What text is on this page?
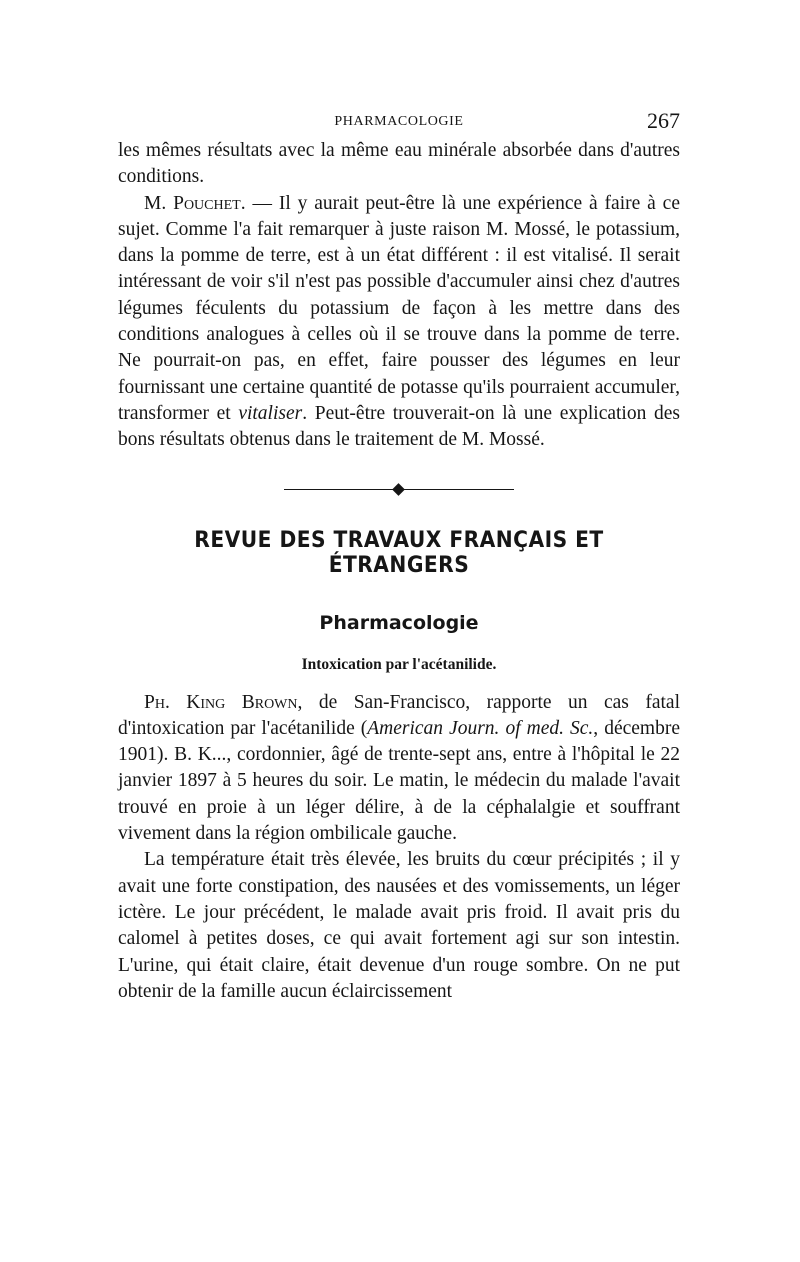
PHARMACOLOGIE	267

les mêmes résultats avec la même eau minérale absorbée dans d'autres conditions.

M. Pouchet. — Il y aurait peut-être là une expérience à faire à ce sujet. Comme l'a fait remarquer à juste raison M. Mossé, le potassium, dans la pomme de terre, est à un état différent : il est vitalisé. Il serait intéressant de voir s'il n'est pas possible d'accumuler ainsi chez d'autres légumes féculents du potassium de façon à les mettre dans des conditions analogues à celles où il se trouve dans la pomme de terre. Ne pourrait-on pas, en effet, faire pousser des légumes en leur fournissant une certaine quantité de potasse qu'ils pourraient accumuler, transformer et vitaliser. Peut-être trouverait-on là une explication des bons résultats obtenus dans le traitement de M. Mossé.

REVUE DES TRAVAUX FRANÇAIS ET ÉTRANGERS
Pharmacologie
Intoxication par l'acétanilide.

Ph. King Brown, de San-Francisco, rapporte un cas fatal d'intoxication par l'acétanilide (American Journ. of med. Sc., décembre 1901). B. K..., cordonnier, âgé de trente-sept ans, entre à l'hôpital le 22 janvier 1897 à 5 heures du soir. Le matin, le médecin du malade l'avait trouvé en proie à un léger délire, à de la céphalalgie et souffrant vivement dans la région ombilicale gauche.

La température était très élevée, les bruits du cœur précipités ; il y avait une forte constipation, des nausées et des vomissements, un léger ictère. Le jour précédent, le malade avait pris froid. Il avait pris du calomel à petites doses, ce qui avait fortement agi sur son intestin. L'urine, qui était claire, était devenue d'un rouge sombre. On ne put obtenir de la famille aucun éclaircissement
